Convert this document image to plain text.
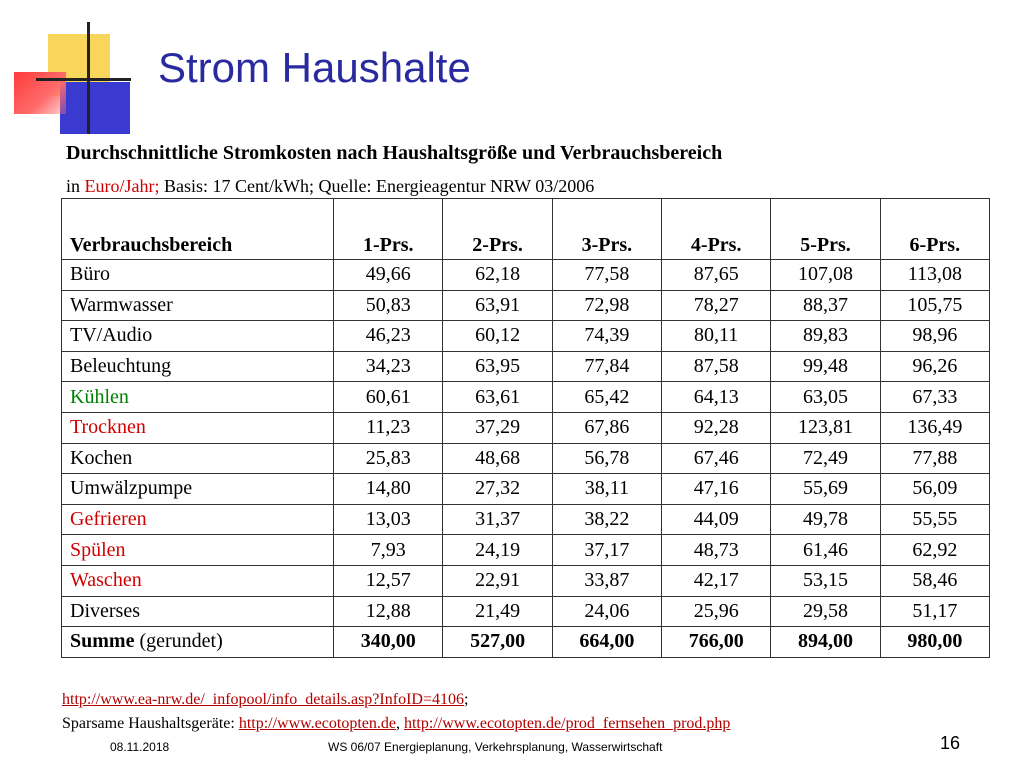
Strom Haushalte
Durchschnittliche Stromkosten nach Haushaltsgröße und Verbrauchsbereich
in Euro/Jahr; Basis: 17 Cent/kWh; Quelle: Energieagentur NRW 03/2006
Verbrauchsbereich	1-Prs.	2-Prs.	3-Prs.	4-Prs.	5-Prs.	6-Prs.
Büro	49,66	62,18	77,58	87,65	107,08	113,08
Warmwasser	50,83	63,91	72,98	78,27	88,37	105,75
TV/Audio	46,23	60,12	74,39	80,11	89,83	98,96
Beleuchtung	34,23	63,95	77,84	87,58	99,48	96,26
Kühlen	60,61	63,61	65,42	64,13	63,05	67,33
Trocknen	11,23	37,29	67,86	92,28	123,81	136,49
Kochen	25,83	48,68	56,78	67,46	72,49	77,88
Umwälzpumpe	14,80	27,32	38,11	47,16	55,69	56,09
Gefrieren	13,03	31,37	38,22	44,09	49,78	55,55
Spülen	7,93	24,19	37,17	48,73	61,46	62,92
Waschen	12,57	22,91	33,87	42,17	53,15	58,46
Diverses	12,88	21,49	24,06	25,96	29,58	51,17
Summe (gerundet)	340,00	527,00	664,00	766,00	894,00	980,00
http://www.ea-nrw.de/_infopool/info_details.asp?InfoID=4106;
Sparsame Haushaltsgeräte: http://www.ecotopten.de, http://www.ecotopten.de/prod_fernsehen_prod.php
08.11.2018	WS 06/07 Energieplanung, Verkehrsplanung, Wasserwirtschaft	16
